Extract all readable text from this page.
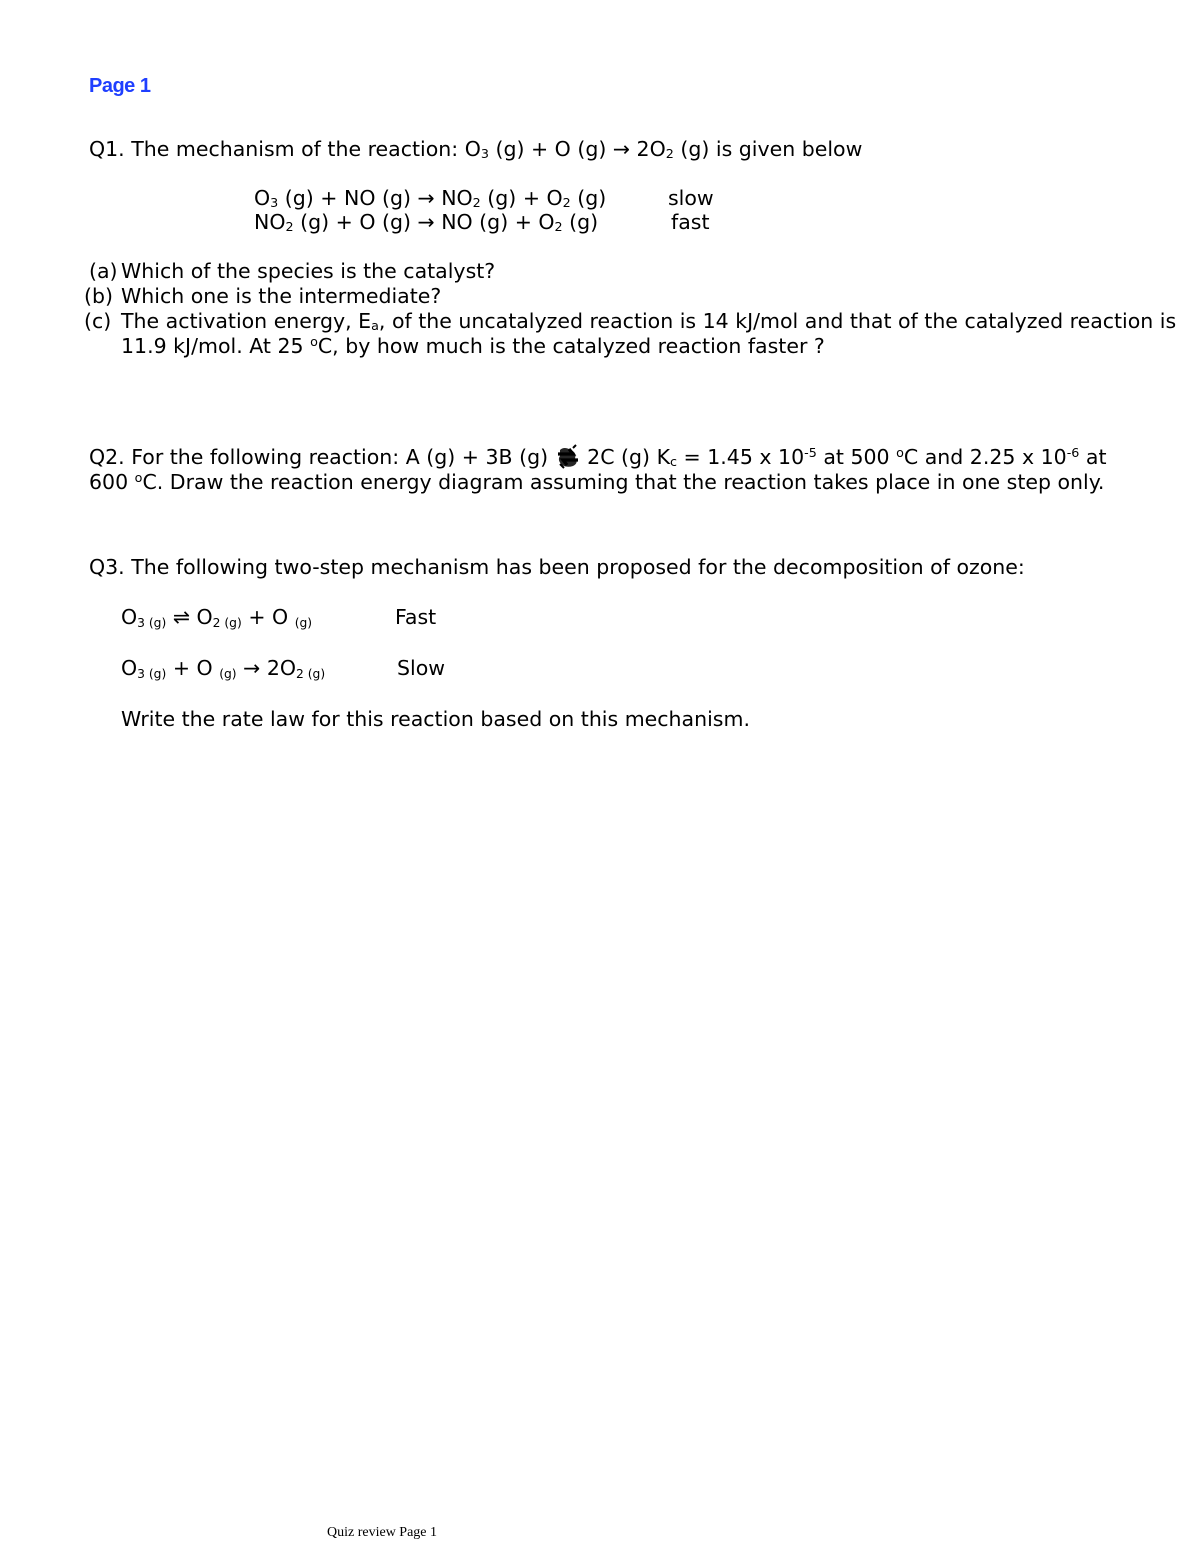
Page 1
Q1. The mechanism of the reaction: $O_3$ (g) + O $(g) \to 2O_2$ (g) is given below
$O_3$ (g) + NO $(g) \to NO_2$ $(g) + O_2$ (g)	slow
$NO_2$ (g) + O (g) → NO $(g) + O_2$ (g)	fast
(a) Which of the species is the catalyst?
(b) Which one is the intermediate?
(c) The activation energy, $E_a$, of the uncatalyzed reaction is 14 kJ/mol and that of the catalyzed reaction is
11.9 kJ/mol. At 25 $^o$C, by how much is the catalyzed reaction faster ?
Q2. For the following reaction: A (g) + 3B (g) ⇌ 2C (g) $K_c = 1.45$ x $10^{-5}$ at 500 $^o$C and 2.25 x $10^{-6}$ at
600 $^o$C. Draw the reaction energy diagram assuming that the reaction takes place in one step only.
Q3. The following two-step mechanism has been proposed for the decomposition of ozone:
$O_{3 (g)}$ ⇌ $O_{2 (g)} + O$ $_{(g)}$	Fast
$O_{3 (g)} + O$ $_{(g)} \to 2O_{2 (g)}$	Slow
Write the rate law for this reaction based on this mechanism.
Quiz review Page 1
